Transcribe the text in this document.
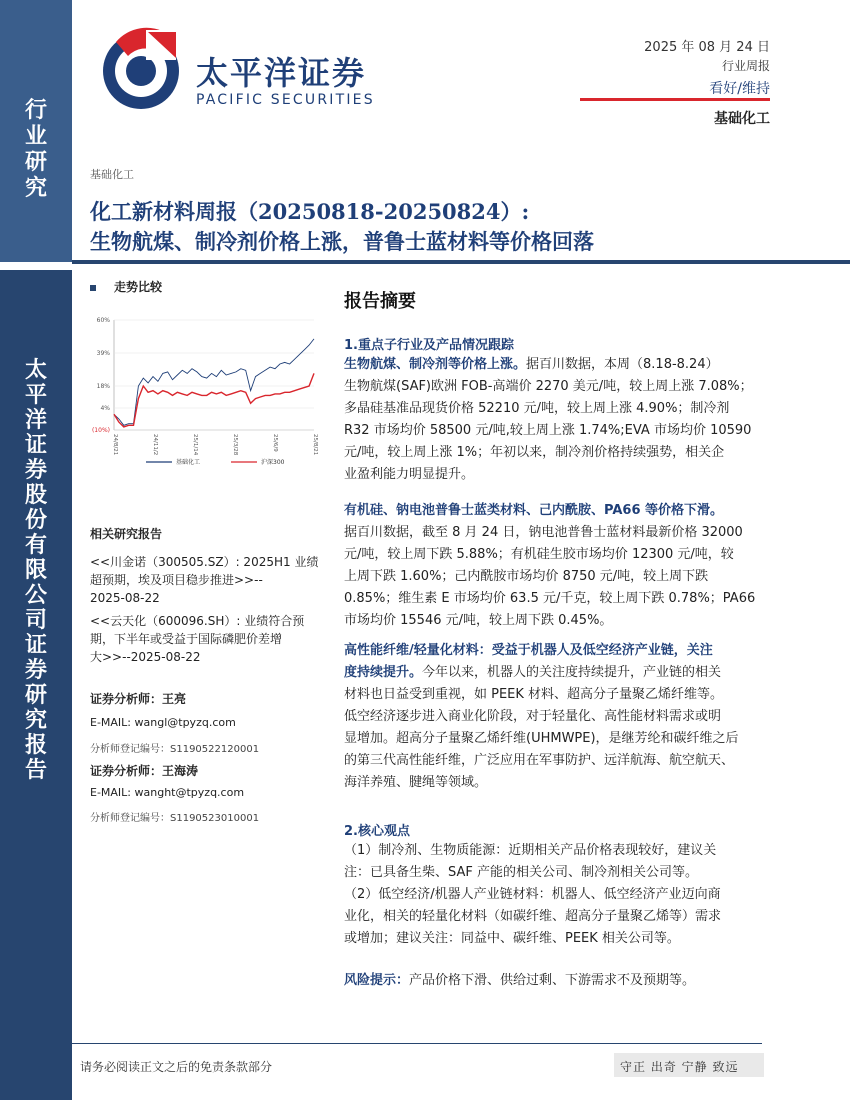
行
业
研
究
太
平
洋
证
券
股
份
有
限
公
司
证
券
研
究
报
告
太平洋证券
PACIFIC SECURITIES
2025 年 08 月 24 日
行业周报
看好/维持
基础化工
基础化工
化工新材料周报（20250818-20250824）:
生物航煤、制冷剂价格上涨，普鲁士蓝材料等价格回落
走势比较
60%
39%
18%
4%
(10%)
24/8/21	24/11/2	25/1/14	25/3/28	25/6/9	25/8/21
基础化工	沪深300
相关研究报告
<<川金诺（300505.SZ）: 2025H1 业绩
超预期，埃及项目稳步推进>>--
2025-08-22
<<云天化（600096.SH）: 业绩符合预
期，下半年或受益于国际磷肥价差增
大>>--2025-08-22
证券分析师：王亮
E-MAIL: wangl@tpyzq.com
分析师登记编号：S1190522120001
证券分析师：王海涛
E-MAIL: wanght@tpyzq.com
分析师登记编号：S1190523010001
报告摘要
1.重点子行业及产品情况跟踪
生物航煤、制冷剂等价格上涨。据百川数据，本周（8.18-8.24）
生物航煤(SAF)欧洲 FOB-高端价 2270 美元/吨，较上周上涨 7.08%；
多晶硅基准品现货价格 52210 元/吨，较上周上涨 4.90%；制冷剂
R32 市场均价 58500 元/吨,较上周上涨 1.74%;EVA 市场均价 10590
元/吨，较上周上涨 1%；年初以来，制冷剂价格持续强势，相关企
业盈利能力明显提升。
有机硅、钠电池普鲁士蓝类材料、己内酰胺、PA66 等价格下滑。
据百川数据，截至 8 月 24 日，钠电池普鲁士蓝材料最新价格 32000
元/吨，较上周下跌 5.88%；有机硅生胶市场均价 12300 元/吨，较
上周下跌 1.60%；己内酰胺市场均价 8750 元/吨，较上周下跌
0.85%；维生素 E 市场均价 63.5 元/千克，较上周下跌 0.78%；PA66
市场均价 15546 元/吨，较上周下跌 0.45%。
高性能纤维/轻量化材料：受益于机器人及低空经济产业链，关注
度持续提升。今年以来，机器人的关注度持续提升，产业链的相关
材料也日益受到重视，如 PEEK 材料、超高分子量聚乙烯纤维等。
低空经济逐步进入商业化阶段，对于轻量化、高性能材料需求或明
显增加。超高分子量聚乙烯纤维(UHMWPE)，是继芳纶和碳纤维之后
的第三代高性能纤维，广泛应用在军事防护、远洋航海、航空航天、
海洋养殖、腱绳等领域。
2.核心观点
（1）制冷剂、生物质能源：近期相关产品价格表现较好，建议关
注：已具备生柴、SAF 产能的相关公司、制冷剂相关公司等。
（2）低空经济/机器人产业链材料：机器人、低空经济产业迈向商
业化，相关的轻量化材料（如碳纤维、超高分子量聚乙烯等）需求
或增加；建议关注：同益中、碳纤维、PEEK 相关公司等。
风险提示：产品价格下滑、供给过剩、下游需求不及预期等。
请务必阅读正文之后的免责条款部分	守正 出奇 宁静 致远
